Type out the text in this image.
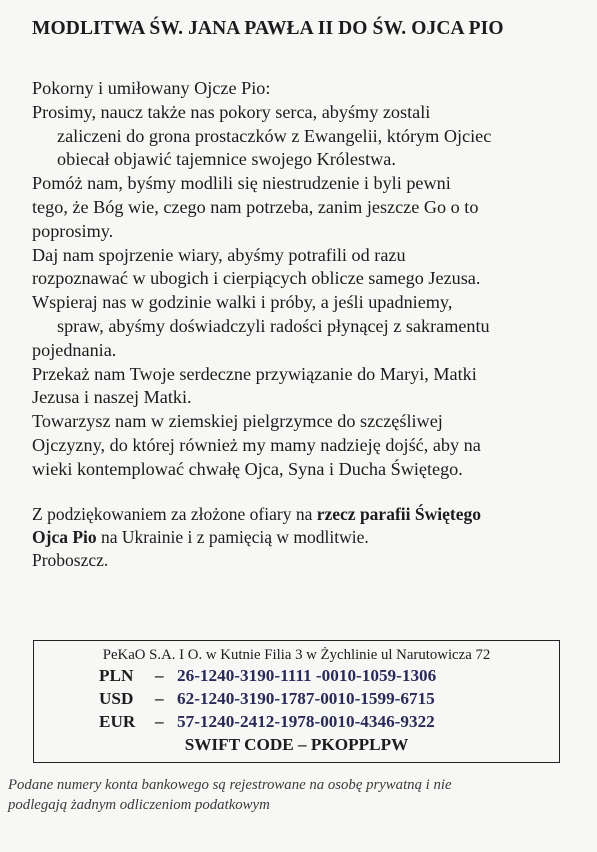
MODLITWA ŚW. JANA PAWŁA II DO ŚW. OJCA PIO
Pokorny i umiłowany Ojcze Pio:
Prosimy, naucz także nas pokory serca, abyśmy zostali
zaliczeni do grona prostaczków z Ewangelii, którym Ojciec
obiecał objawić tajemnice swojego Królestwa.
Pomóż nam, byśmy modlili się niestrudzenie i byli pewni
tego, że Bóg wie, czego nam potrzeba, zanim jeszcze Go o to
poprosimy.
Daj nam spojrzenie wiary, abyśmy potrafili od razu
rozpoznawać w ubogich i cierpiących oblicze samego Jezusa.
Wspieraj nas w godzinie walki i próby, a jeśli upadniemy,
spraw, abyśmy doświadczyli radości płynącej z sakramentu
pojednania.
Przekaż nam Twoje serdeczne przywiązanie do Maryi, Matki
Jezusa i naszej Matki.
Towarzysz nam w ziemskiej pielgrzymce do szczęśliwej
Ojczyzny, do której również my mamy nadzieję dojść, aby na
wieki kontemplować chwałę Ojca, Syna i Ducha Świętego.
Z podziękowaniem za złożone ofiary na rzecz parafii Świętego
Ojca Pio na Ukrainie i z pamięcią w modlitwie.
Proboszcz.
PeKaO S.A. I O. w Kutnie Filia 3 w Żychlinie ul Narutowicza 72
PLN – 26-1240-3190-1111 -0010-1059-1306
USD – 62-1240-3190-1787-0010-1599-6715
EUR – 57-1240-2412-1978-0010-4346-9322
SWIFT CODE – PKOPPLPW
Podane numery konta bankowego są rejestrowane na osobę prywatną i nie
podlegają żadnym odliczeniom podatkowym
